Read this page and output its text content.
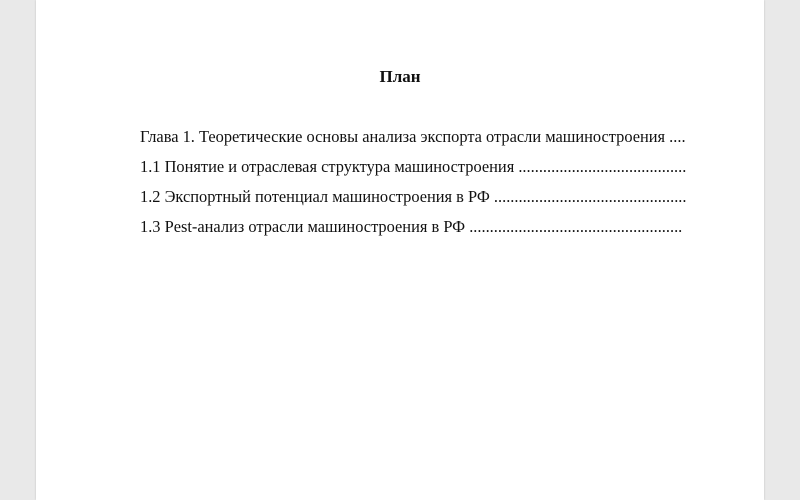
План
Глава 1. Теоретические основы анализа экспорта отрасли машиностроения ....
1.1 Понятие и отраслевая структура машиностроения .........................................
1.2 Экспортный потенциал машиностроения в РФ ...............................................
1.3 Pest-анализ отрасли машиностроения в РФ ....................................................
